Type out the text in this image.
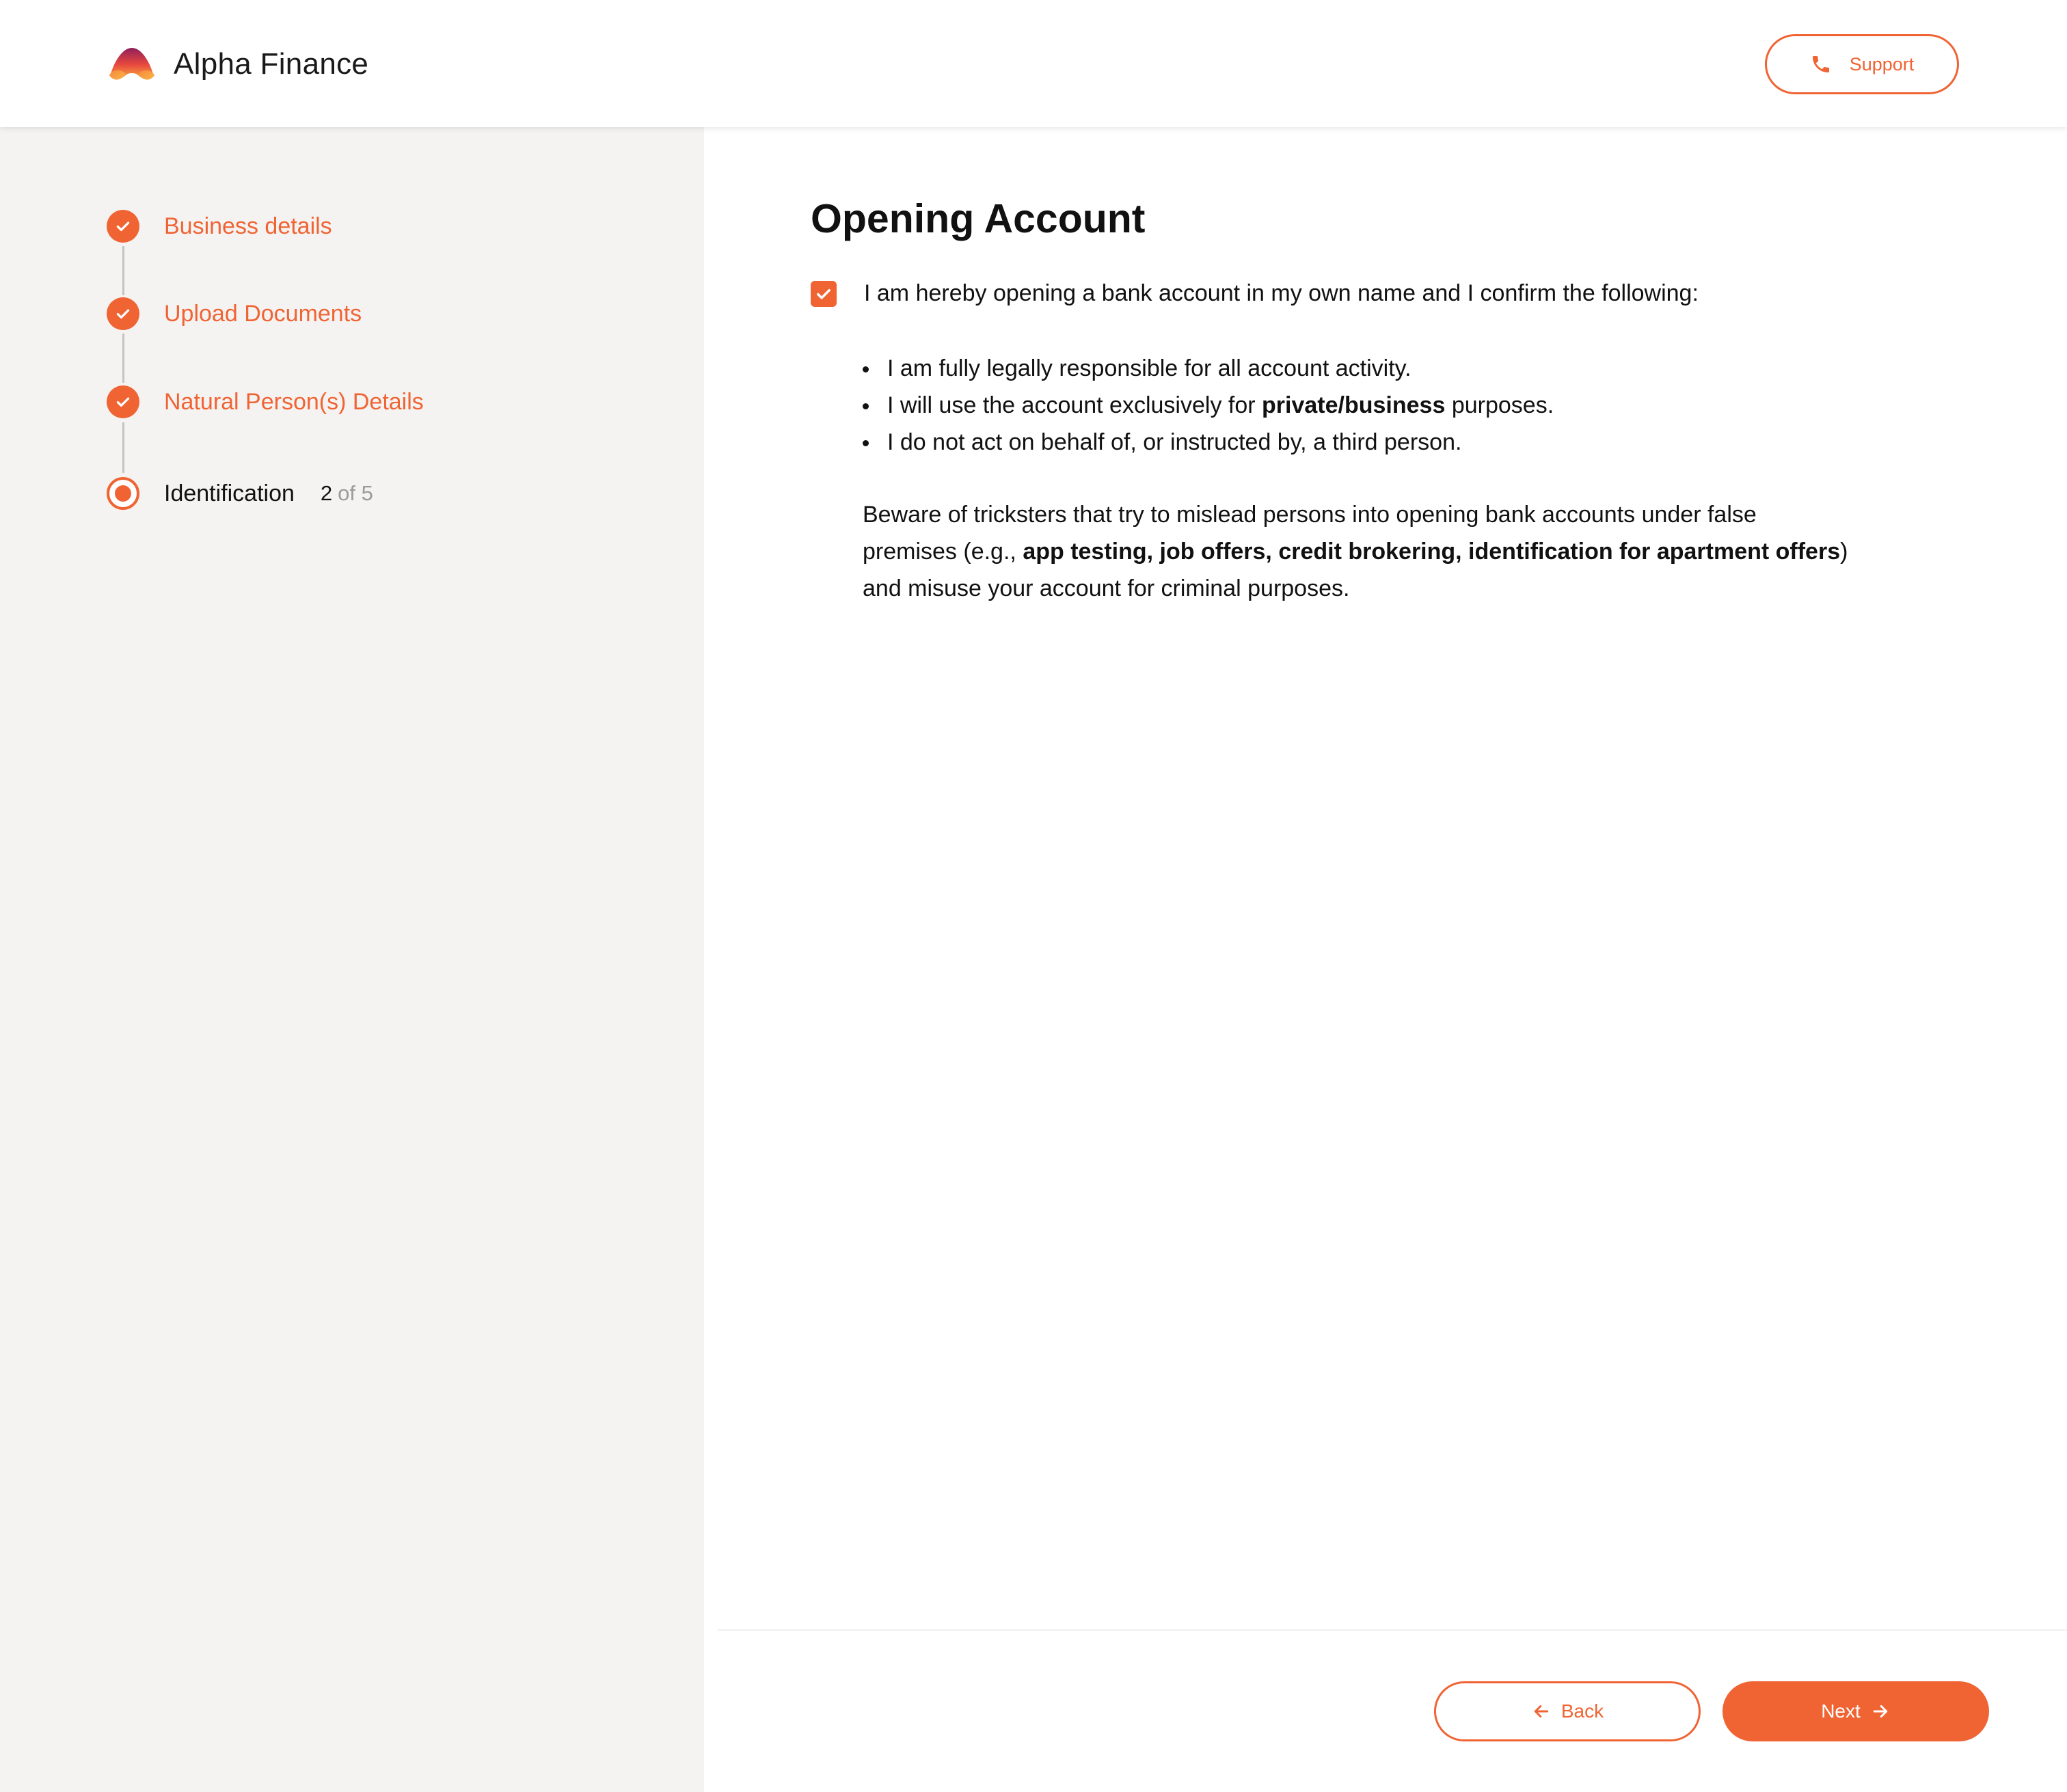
Alpha Finance	Support
Business details
Upload Documents
Natural Person(s) Details
Identification 2 of 5
Opening Account
I am hereby opening a bank account in my own name and I confirm the following:
I am fully legally responsible for all account activity.
I will use the account exclusively for private/business purposes.
I do not act on behalf of, or instructed by, a third person.

Beware of tricksters that try to mislead persons into opening bank accounts under false premises (e.g., app testing, job offers, credit brokering, identification for apartment offers) and misuse your account for criminal purposes.

Back	Next
